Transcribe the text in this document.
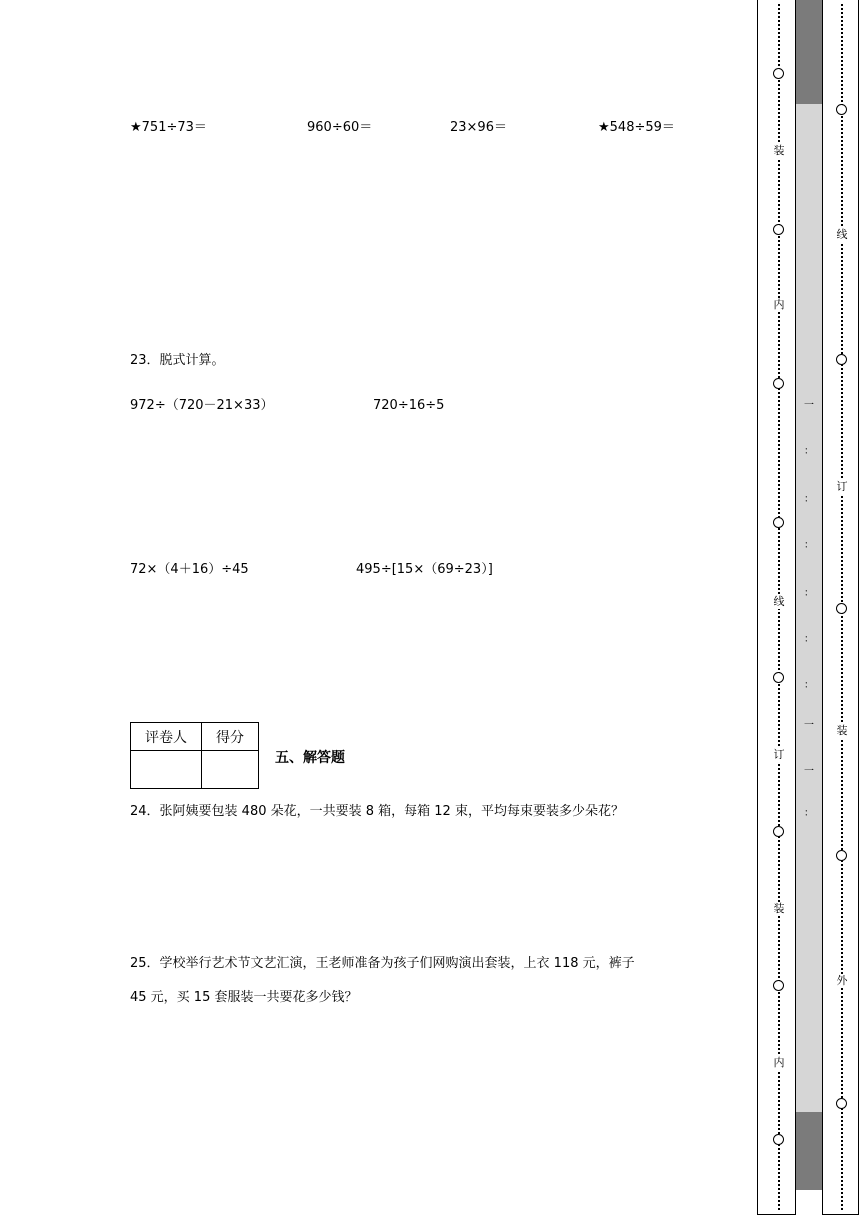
★751÷73＝	960÷60＝	23×96＝	★548÷59＝
23．脱式计算。
972÷（720－21×33）	720÷16÷5
72×（4＋16）÷45	495÷[15×（69÷23）]
评卷人	得分

五、解答题
24．张阿姨要包装 480 朵花，一共要装 8 箱，每箱 12 束，平均每束要装多少朵花？
25．学校举行艺术节文艺汇演，王老师准备为孩子们网购演出套装，上衣 118 元，裤子
45 元，买 15 套服装一共要花多少钱？
装
内
线
订
装
内
线
订
装
外
一
：
：
：
：
：
：
一
一
：
